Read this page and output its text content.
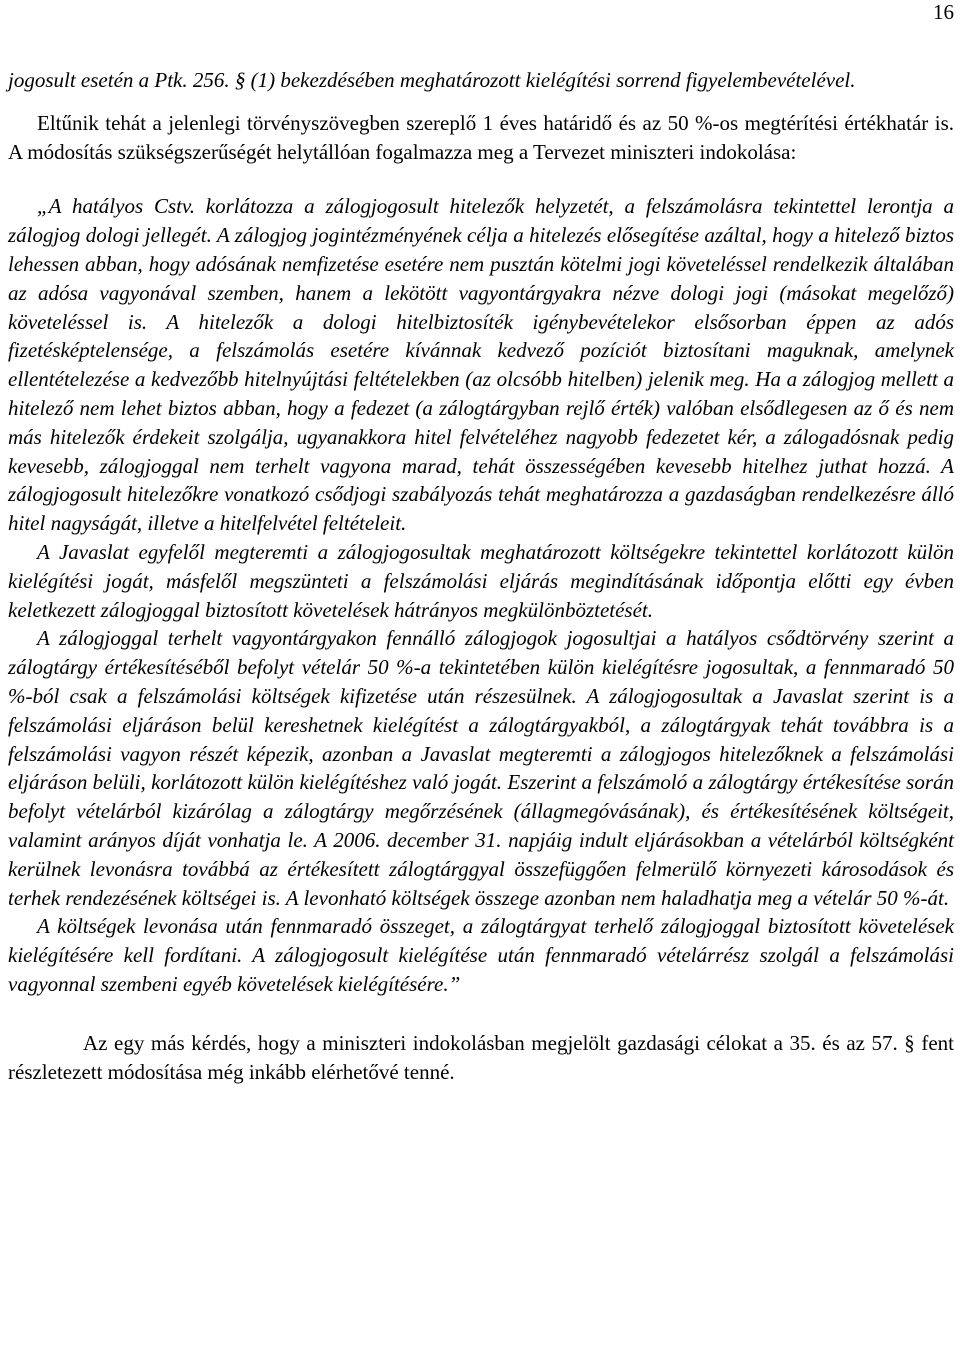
16

jogosult esetén a Ptk. 256. § (1) bekezdésében meghatározott kielégítési sorrend figyelembevételével.

Eltűnik tehát a jelenlegi törvényszövegben szereplő 1 éves határidő és az 50 %-os megtérítési értékhatár is. A módosítás szükségszerűségét helytállóan fogalmazza meg a Tervezet miniszteri indokolása:

„A hatályos Cstv. korlátozza a zálogjogosult hitelezők helyzetét, a felszámolásra tekintettel lerontja a zálogjog dologi jellegét. A zálogjog jogintézményének célja a hitelezés elősegítése azáltal, hogy a hitelező biztos lehessen abban, hogy adósának nemfizetése esetére nem pusztán kötelmi jogi követeléssel rendelkezik általában az adósa vagyonával szemben, hanem a lekötött vagyontárgyakra nézve dologi jogi (másokat megelőző) követeléssel is. A hitelezők a dologi hitelbiztosíték igénybevételekor elsősorban éppen az adós fizetésképtelensége, a felszámolás esetére kívánnak kedvező pozíciót biztosítani maguknak, amelynek ellentételezése a kedvezőbb hitelnyújtási feltételekben (az olcsóbb hitelben) jelenik meg. Ha a zálogjog mellett a hitelező nem lehet biztos abban, hogy a fedezet (a zálogtárgyban rejlő érték) valóban elsődlegesen az ő és nem más hitelezők érdekeit szolgálja, ugyanakkora hitel felvételéhez nagyobb fedezetet kér, a zálogadósnak pedig kevesebb, zálogjoggal nem terhelt vagyona marad, tehát összességében kevesebb hitelhez juthat hozzá. A zálogjogosult hitelezőkre vonatkozó csődjogi szabályozás tehát meghatározza a gazdaságban rendelkezésre álló hitel nagyságát, illetve a hitelfelvétel feltételeit.

A Javaslat egyfelől megteremti a zálogjogosultak meghatározott költségekre tekintettel korlátozott külön kielégítési jogát, másfelől megszünteti a felszámolási eljárás megindításának időpontja előtti egy évben keletkezett zálogjoggal biztosított követelések hátrányos megkülönböztetését.

A zálogjoggal terhelt vagyontárgyakon fennálló zálogjogok jogosultjai a hatályos csődtörvény szerint a zálogtárgy értékesítéséből befolyt vételár 50 %-a tekintetében külön kielégítésre jogosultak, a fennmaradó 50 %-ból csak a felszámolási költségek kifizetése után részesülnek. A zálogjogosultak a Javaslat szerint is a felszámolási eljáráson belül kereshetnek kielégítést a zálogtárgyakból, a zálogtárgyak tehát továbbra is a felszámolási vagyon részét képezik, azonban a Javaslat megteremti a zálogjogos hitelezőknek a felszámolási eljáráson belüli, korlátozott külön kielégítéshez való jogát. Eszerint a felszámoló a zálogtárgy értékesítése során befolyt vételárból kizárólag a zálogtárgy megőrzésének (állagmegóvásának), és értékesítésének költségeit, valamint arányos díját vonhatja le. A 2006. december 31. napjáig indult eljárásokban a vételárból költségként kerülnek levonásra továbbá az értékesített zálogtárggyal összefüggően felmerülő környezeti károsodások és terhek rendezésének költségei is. A levonható költségek összege azonban nem haladhatja meg a vételár 50 %-át.

A költségek levonása után fennmaradó összeget, a zálogtárgyat terhelő zálogjoggal biztosított követelések kielégítésére kell fordítani. A zálogjogosult kielégítése után fennmaradó vételárrész szolgál a felszámolási vagyonnal szembeni egyéb követelések kielégítésére.”

Az egy más kérdés, hogy a miniszteri indokolásban megjelölt gazdasági célokat a 35. és az 57. § fent részletezett módosítása még inkább elérhetővé tenné.
